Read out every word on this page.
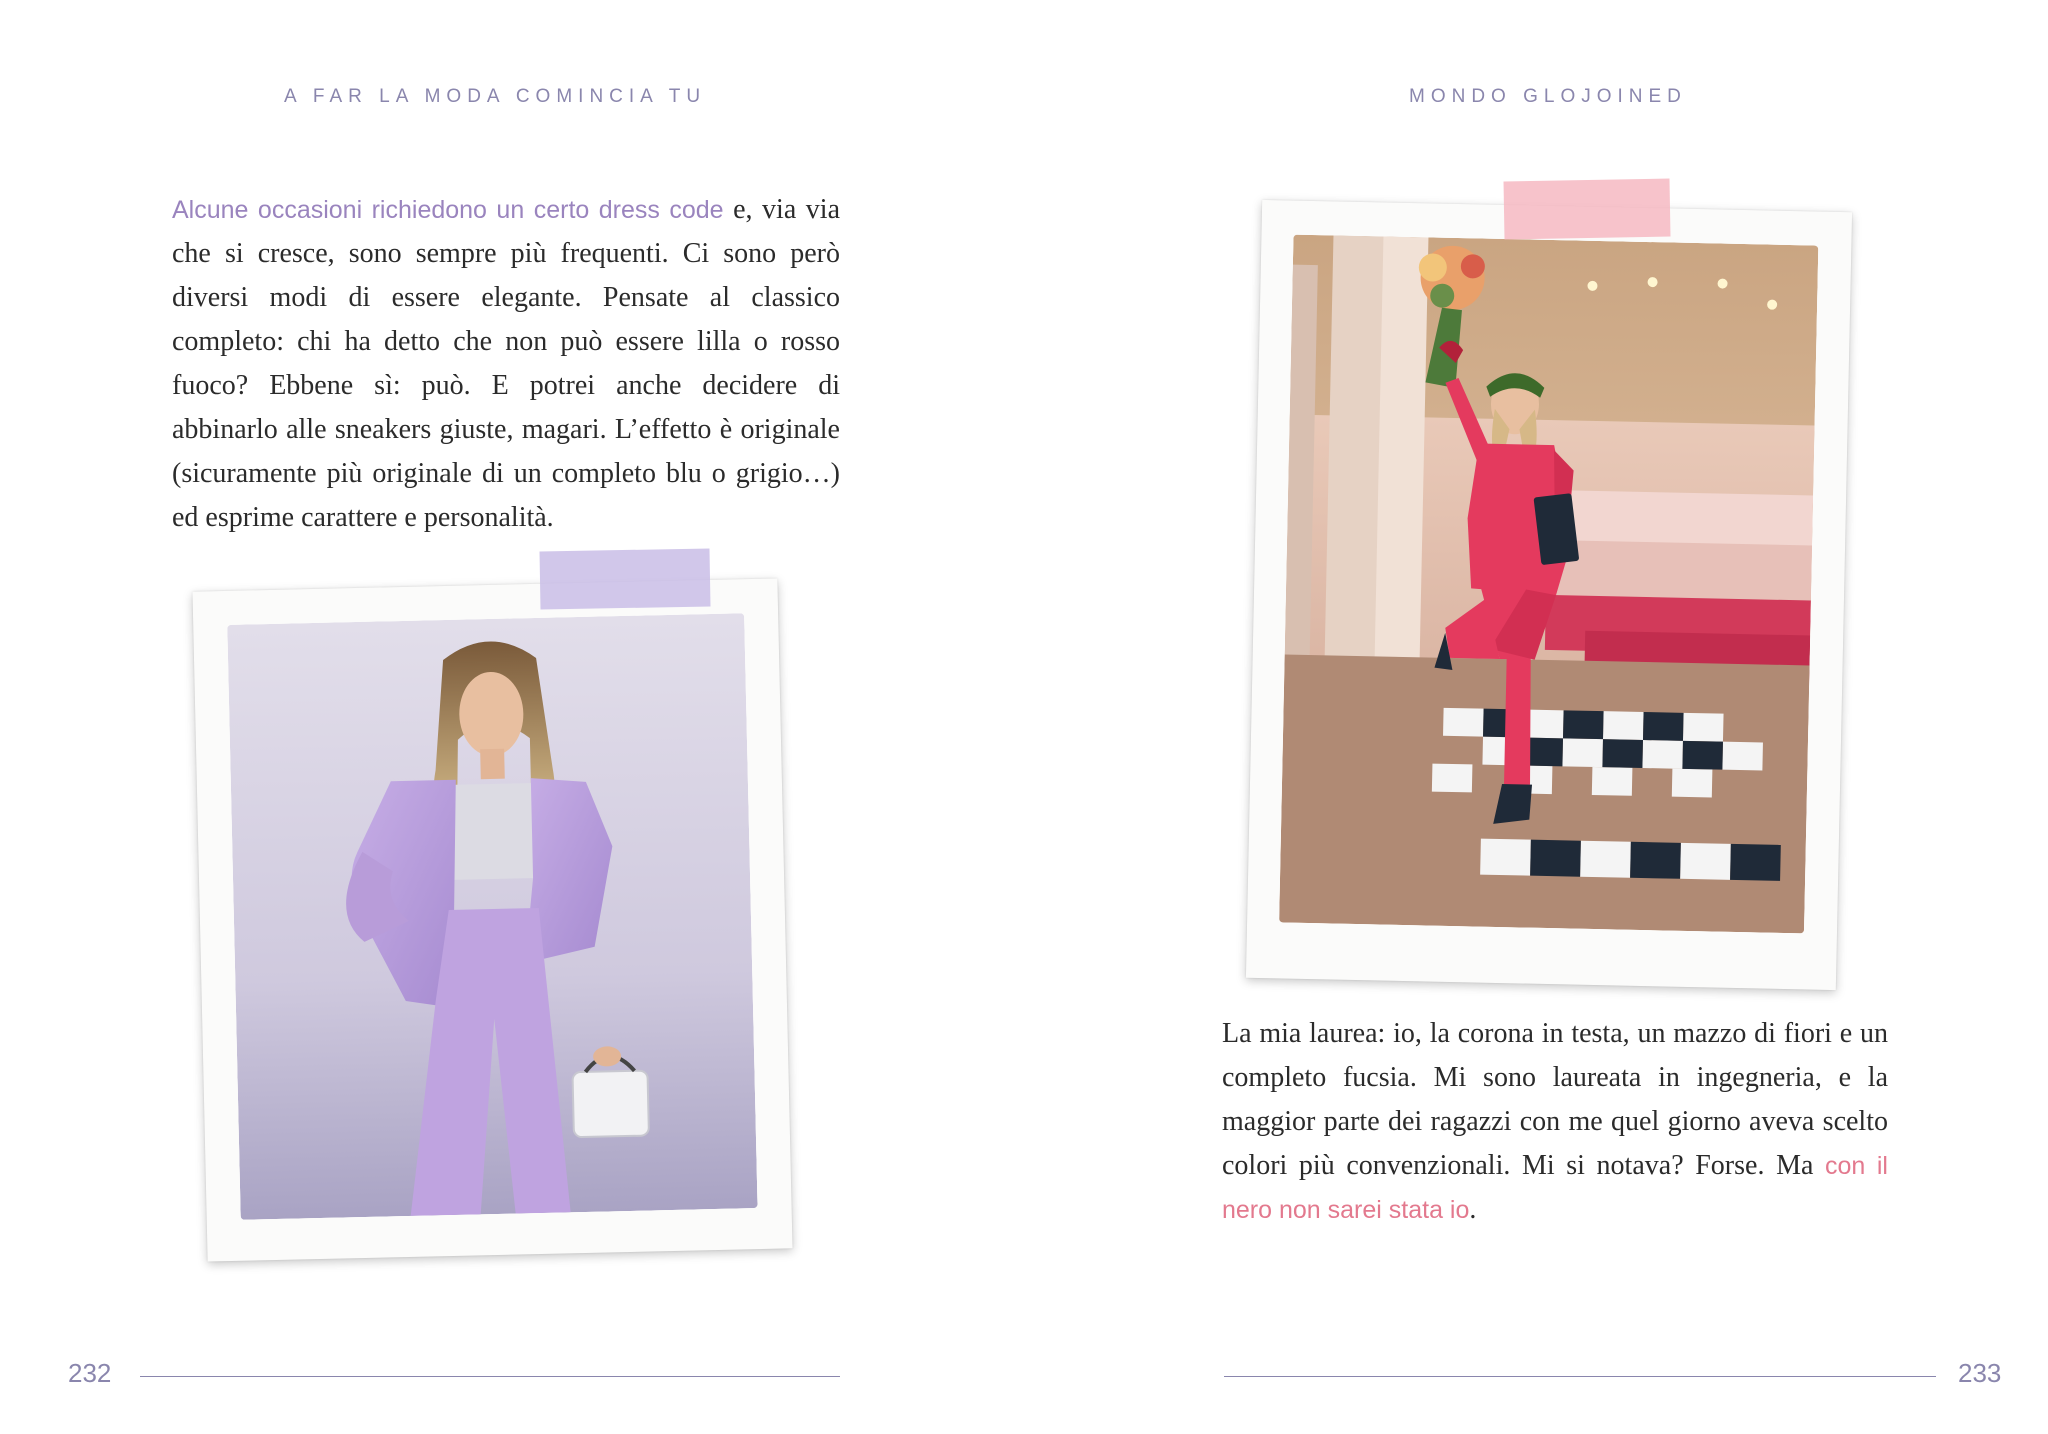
A FAR LA MODA COMINCIA TU

Alcune occasioni richiedono un certo dress code e, via via che si cresce, sono sempre più frequenti. Ci sono però diversi modi di essere elegante. Pensate al classico completo: chi ha detto che non può essere lilla o rosso fuoco? Ebbene sì: può. E potrei anche decidere di abbinarlo alle sneakers giuste, magari. L’effetto è originale (sicuramente più originale di un completo blu o grigio…) ed esprime carattere e personalità.

232
MONDO GLOJOINED

La mia laurea: io, la corona in testa, un mazzo di fiori e un completo fucsia. Mi sono laureata in ingegneria, e la maggior parte dei ragazzi con me quel giorno aveva scelto colori più convenzionali. Mi si notava? Forse. Ma con il nero non sarei stata io.

233
